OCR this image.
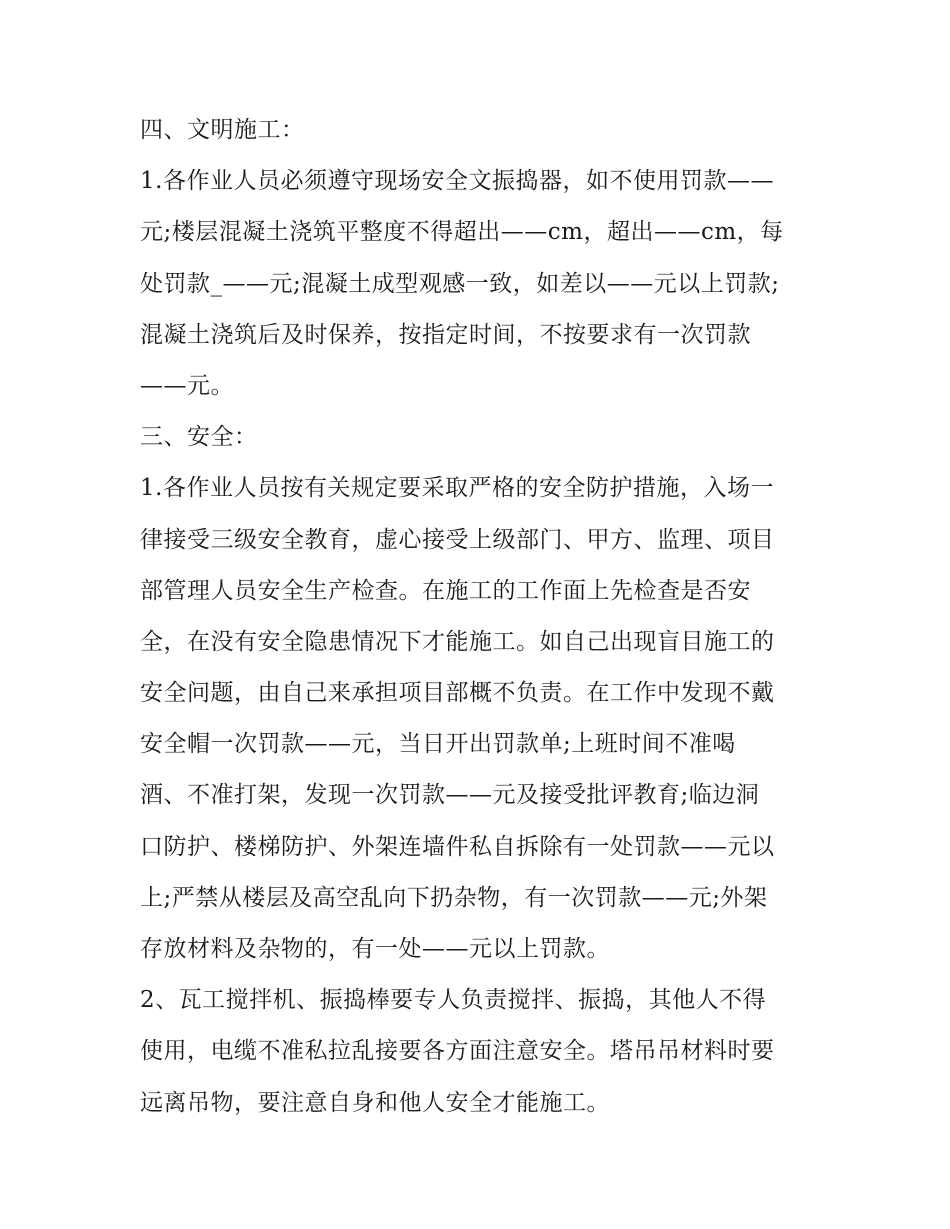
四、文明施工：
1.各作业人员必须遵守现场安全文振捣器，如不使用罚款——
元;楼层混凝土浇筑平整度不得超出——cm，超出——cm，每
处罚款_——元;混凝土成型观感一致，如差以——元以上罚款;
混凝土浇筑后及时保养，按指定时间，不按要求有一次罚款
——元。
三、安全：
1.各作业人员按有关规定要采取严格的安全防护措施，入场一
律接受三级安全教育，虚心接受上级部门、甲方、监理、项目
部管理人员安全生产检查。在施工的工作面上先检查是否安
全，在没有安全隐患情况下才能施工。如自己出现盲目施工的
安全问题，由自己来承担项目部概不负责。在工作中发现不戴
安全帽一次罚款——元，当日开出罚款单;上班时间不准喝
酒、不准打架，发现一次罚款——元及接受批评教育;临边洞
口防护、楼梯防护、外架连墙件私自拆除有一处罚款——元以
上;严禁从楼层及高空乱向下扔杂物，有一次罚款——元;外架
存放材料及杂物的，有一处——元以上罚款。
2、瓦工搅拌机、振捣棒要专人负责搅拌、振捣，其他人不得
使用，电缆不准私拉乱接要各方面注意安全。塔吊吊材料时要
远离吊物，要注意自身和他人安全才能施工。
